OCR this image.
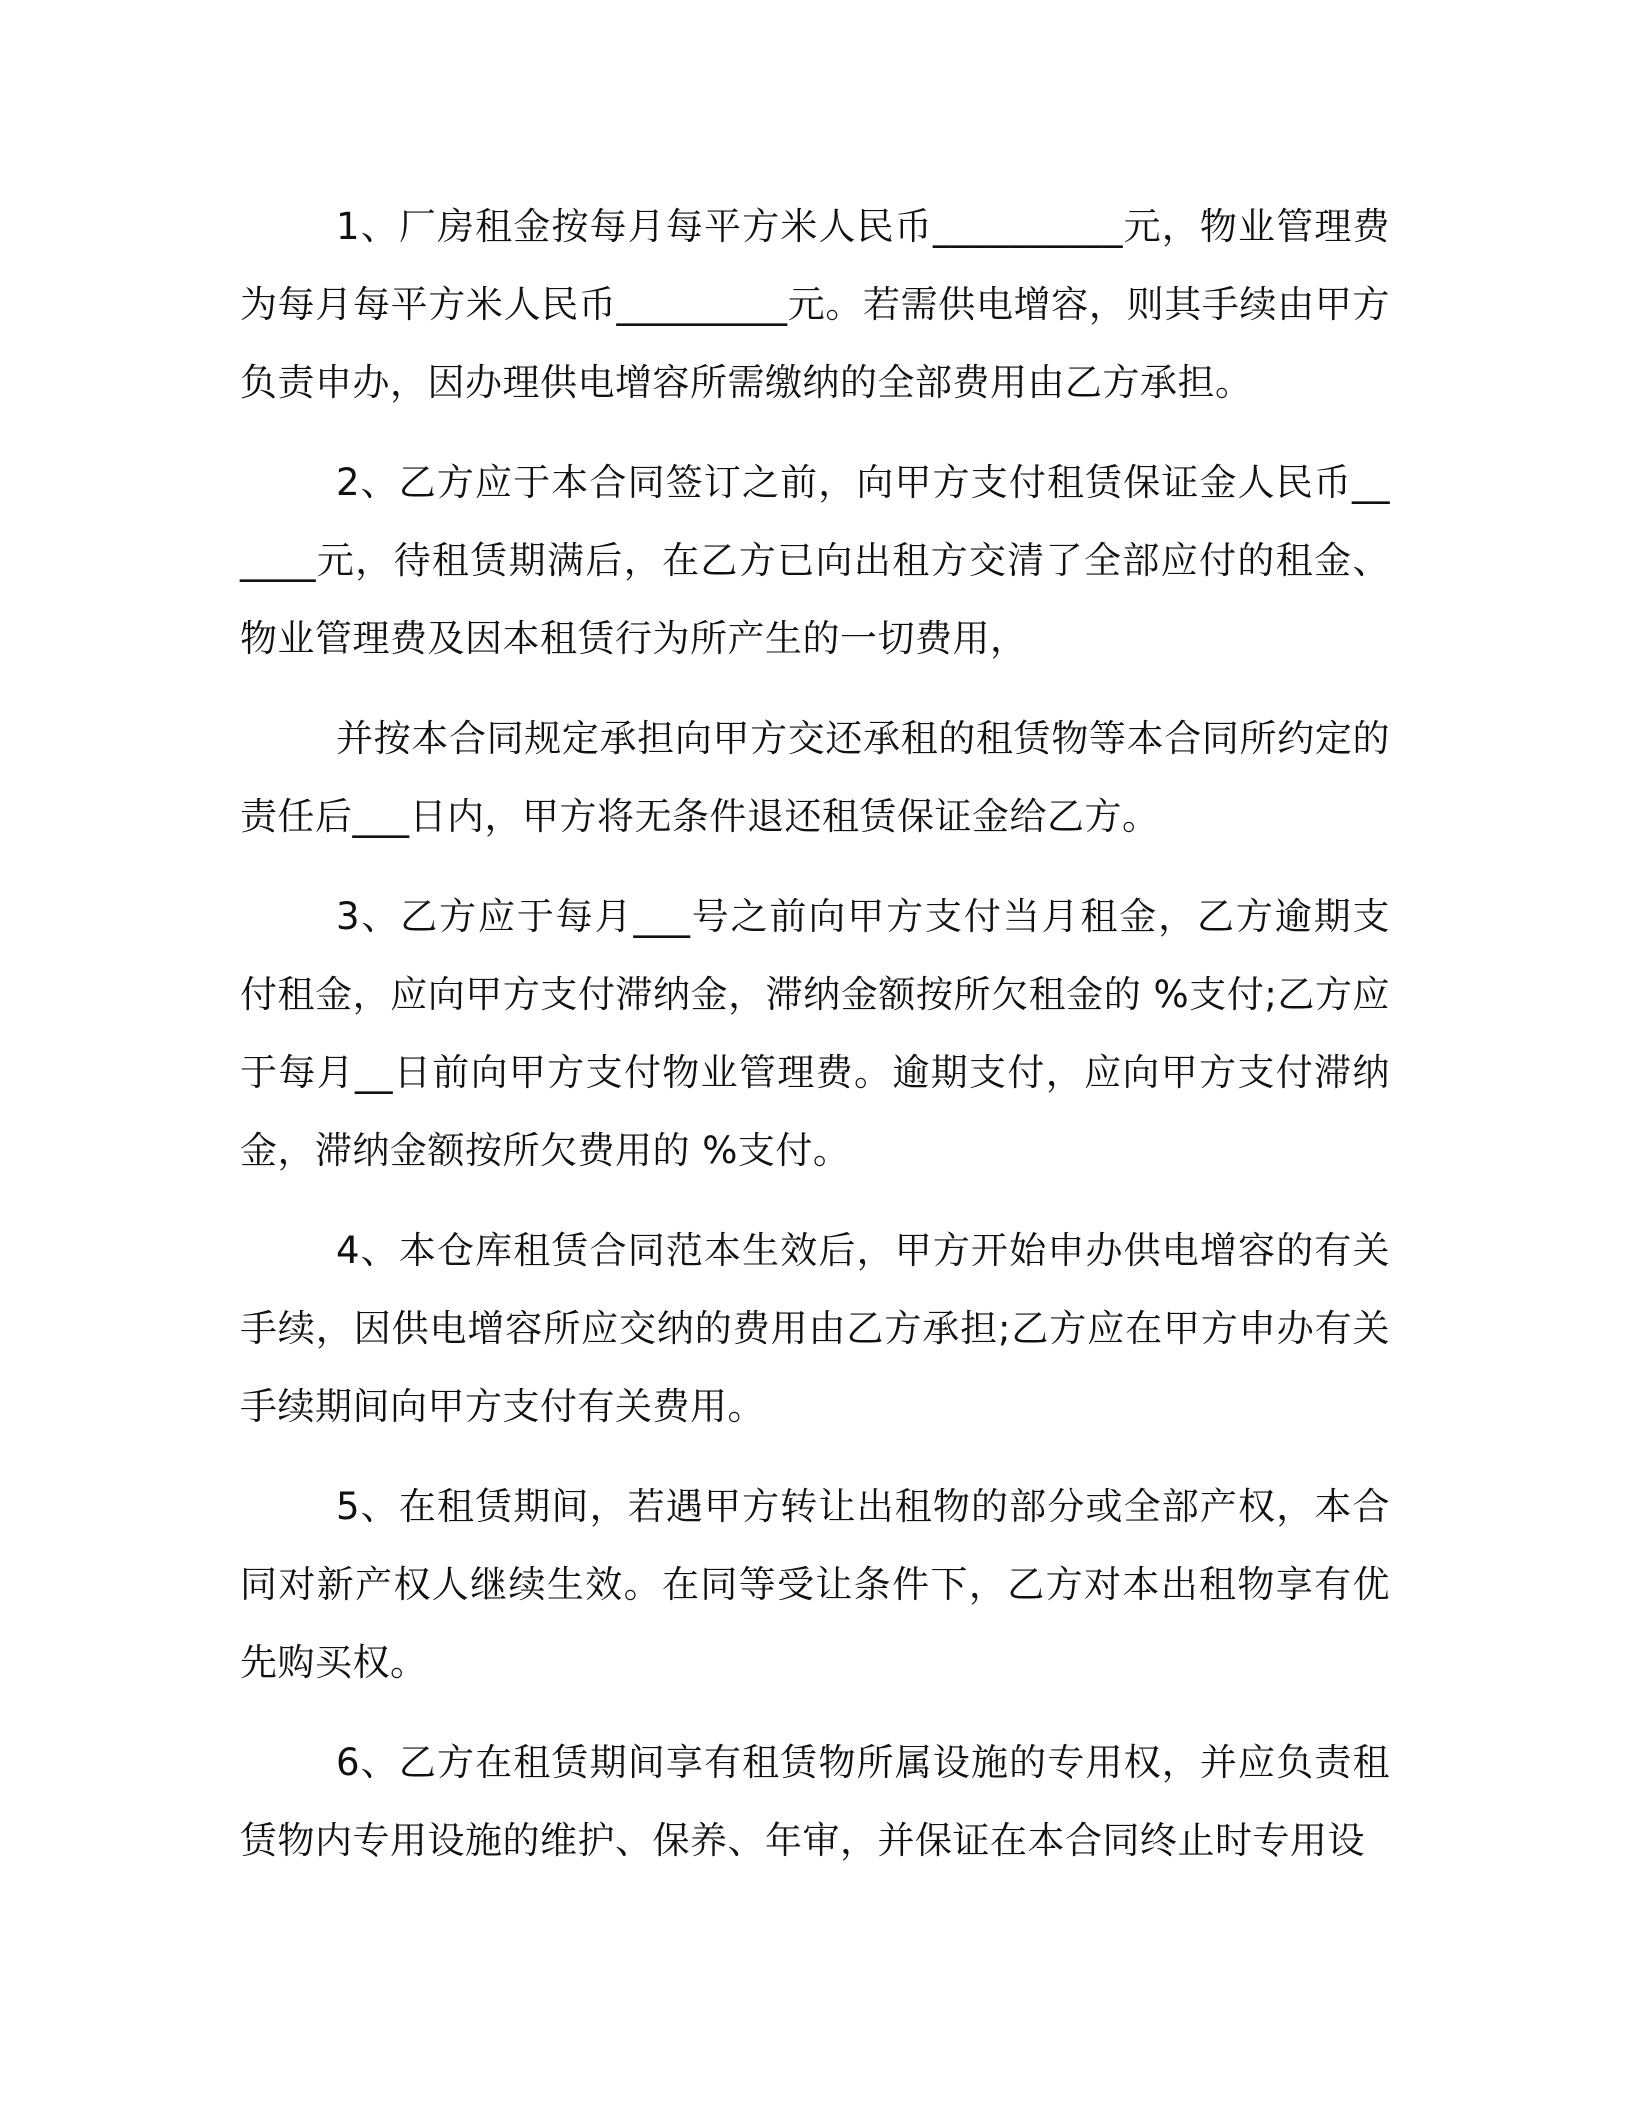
1、厂房租金按每月每平方米人民币__________元，物业管理费为每月每平方米人民币_________元。若需供电增容，则其手续由甲方负责申办，因办理供电增容所需缴纳的全部费用由乙方承担。

2、乙方应于本合同签订之前，向甲方支付租赁保证金人民币______元，待租赁期满后，在乙方已向出租方交清了全部应付的租金、物业管理费及因本租赁行为所产生的一切费用，

并按本合同规定承担向甲方交还承租的租赁物等本合同所约定的责任后___日内，甲方将无条件退还租赁保证金给乙方。

3、乙方应于每月___号之前向甲方支付当月租金，乙方逾期支付租金，应向甲方支付滞纳金，滞纳金额按所欠租金的 %支付;乙方应于每月__日前向甲方支付物业管理费。逾期支付，应向甲方支付滞纳金，滞纳金额按所欠费用的 %支付。

4、本仓库租赁合同范本生效后，甲方开始申办供电增容的有关手续，因供电增容所应交纳的费用由乙方承担;乙方应在甲方申办有关手续期间向甲方支付有关费用。

5、在租赁期间，若遇甲方转让出租物的部分或全部产权，本合同对新产权人继续生效。在同等受让条件下，乙方对本出租物享有优先购买权。

6、乙方在租赁期间享有租赁物所属设施的专用权，并应负责租赁物内专用设施的维护、保养、年审，并保证在本合同终止时专用设
